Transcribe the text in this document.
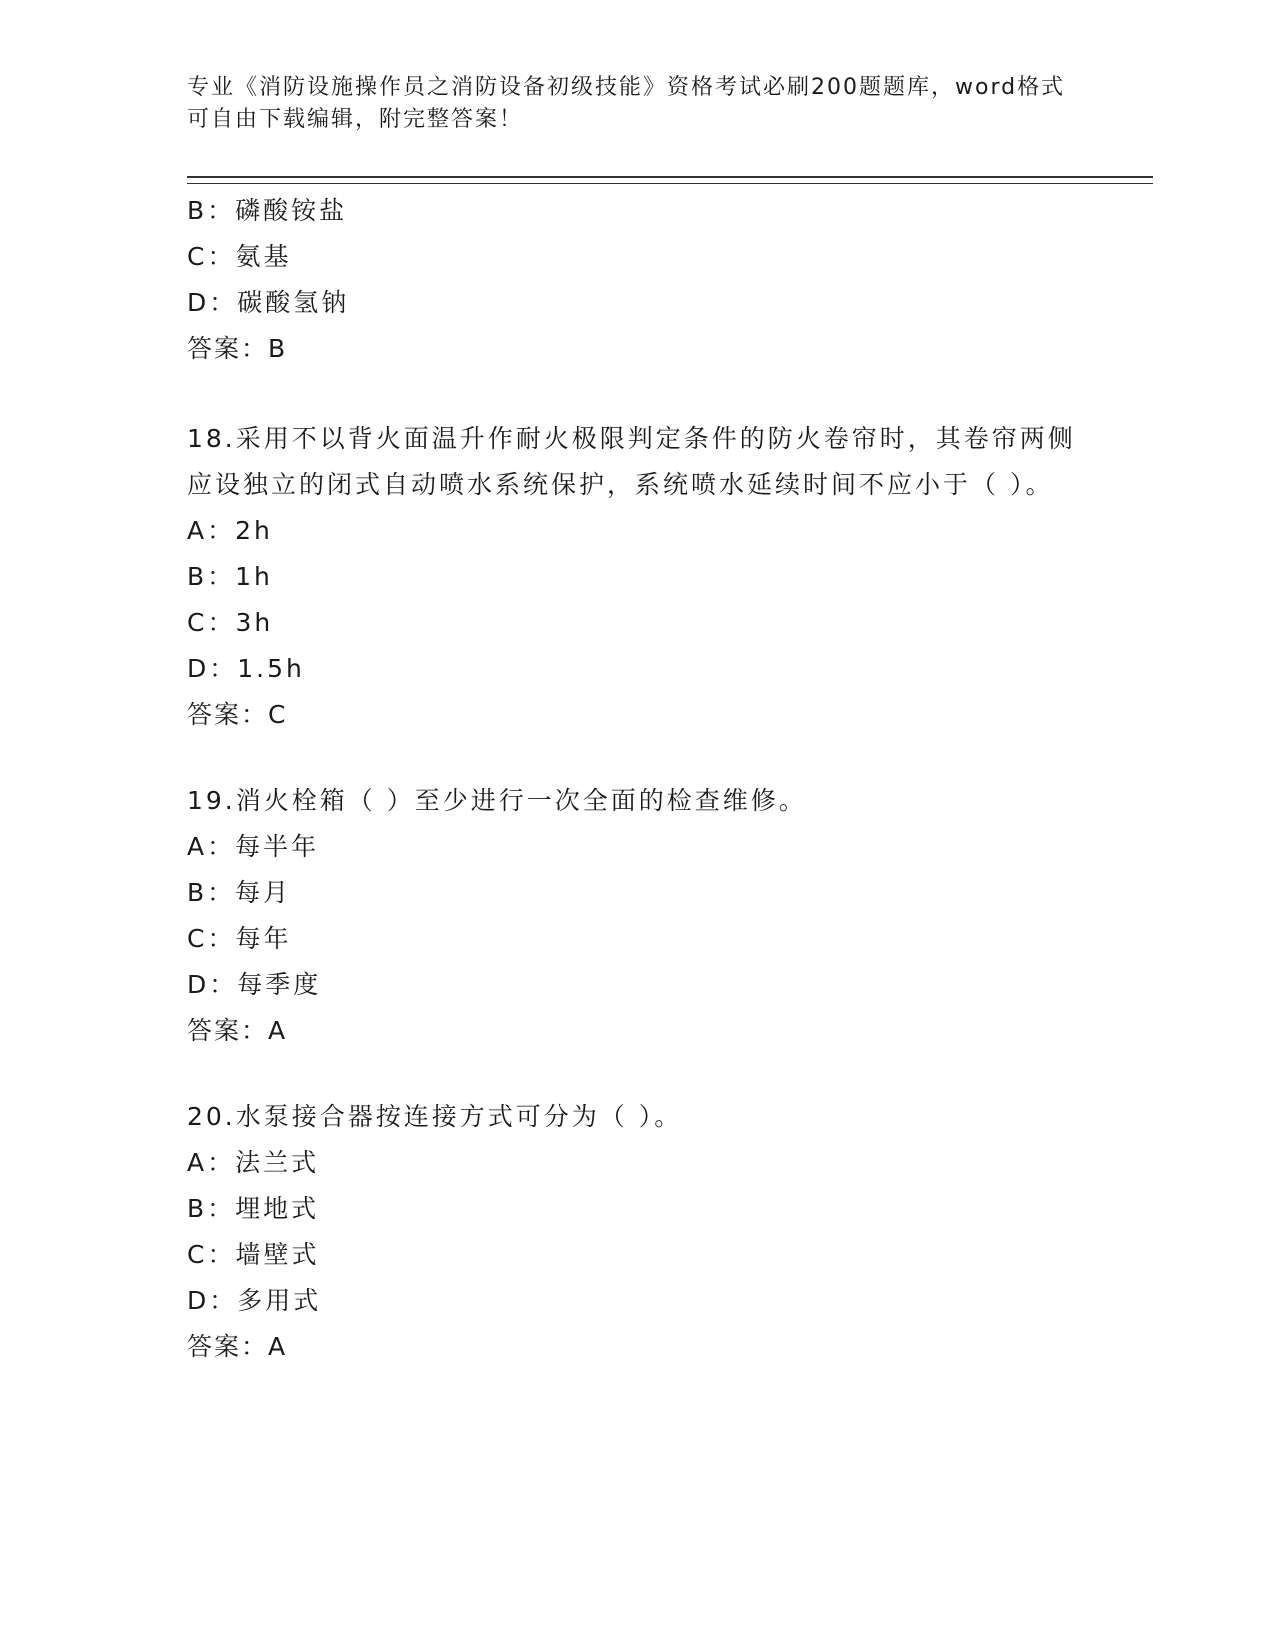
专业《消防设施操作员之消防设备初级技能》资格考试必刷200题题库，word格式可自由下载编辑，附完整答案！
B：磷酸铵盐
C：氨基
D：碳酸氢钠
答案：B
18.采用不以背火面温升作耐火极限判定条件的防火卷帘时，其卷帘两侧应设独立的闭式自动喷水系统保护，系统喷水延续时间不应小于（ ）。
A：2h
B：1h
C：3h
D：1.5h
答案：C
19.消火栓箱（ ）至少进行一次全面的检查维修。
A：每半年
B：每月
C：每年
D：每季度
答案：A
20.水泵接合器按连接方式可分为（ ）。
A：法兰式
B：埋地式
C：墙壁式
D：多用式
答案：A
